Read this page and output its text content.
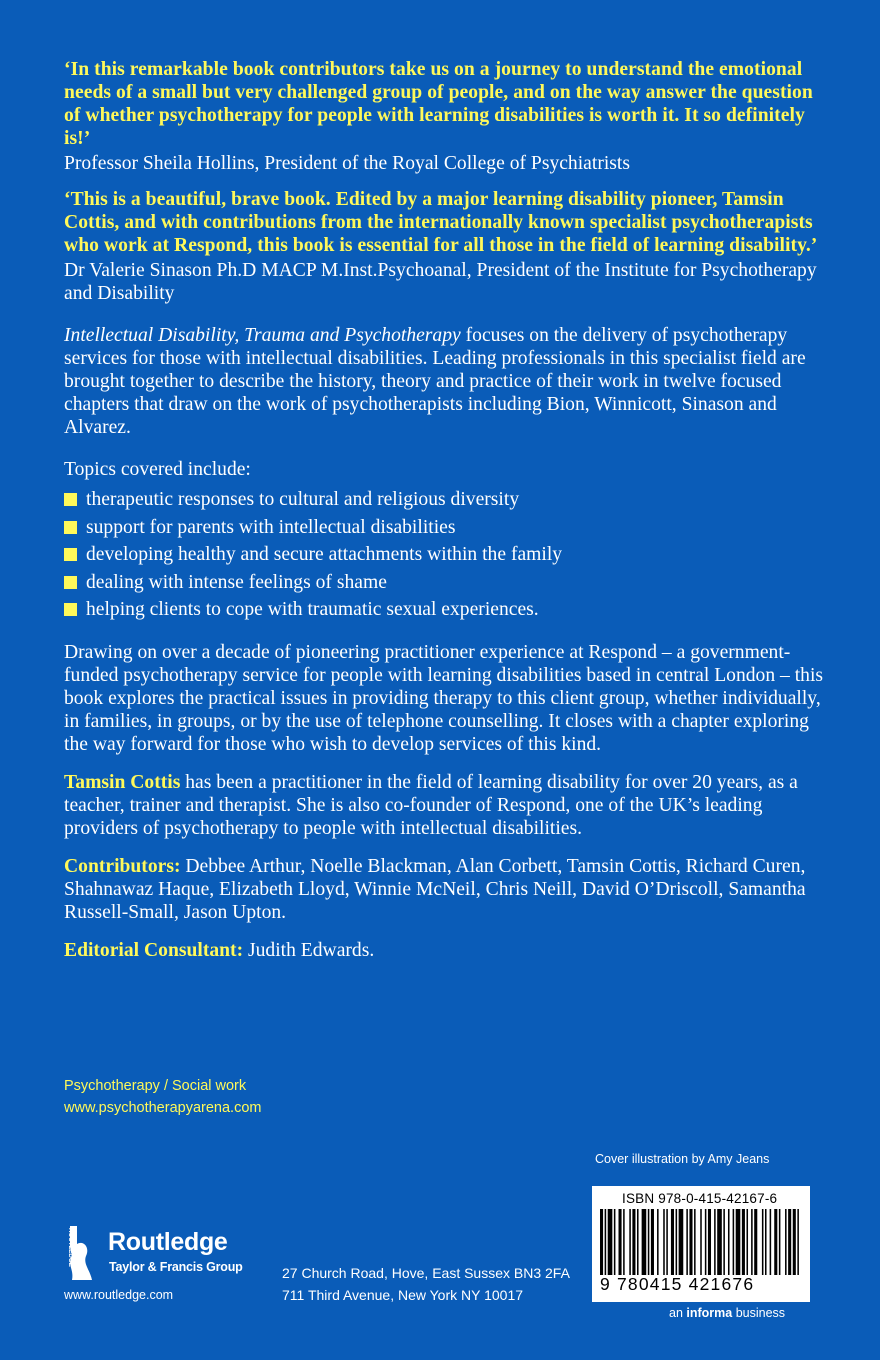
‘In this remarkable book contributors take us on a journey to understand the emotional needs of a small but very challenged group of people, and on the way answer the question of whether psychotherapy for people with learning disabilities is worth it. It so definitely is!’

Professor Sheila Hollins, President of the Royal College of Psychiatrists

‘This is a beautiful, brave book. Edited by a major learning disability pioneer, Tamsin Cottis, and with contributions from the internationally known specialist psychotherapists who work at Respond, this book is essential for all those in the field of learning disability.’

Dr Valerie Sinason Ph.D MACP M.Inst.Psychoanal, President of the Institute for Psychotherapy and Disability

Intellectual Disability, Trauma and Psychotherapy focuses on the delivery of psychotherapy services for those with intellectual disabilities. Leading professionals in this specialist field are brought together to describe the history, theory and practice of their work in twelve focused chapters that draw on the work of psychotherapists including Bion, Winnicott, Sinason and Alvarez.

Topics covered include:

therapeutic responses to cultural and religious diversity
support for parents with intellectual disabilities
developing healthy and secure attachments within the family
dealing with intense feelings of shame
helping clients to cope with traumatic sexual experiences.

Drawing on over a decade of pioneering practitioner experience at Respond – a government-funded psychotherapy service for people with learning disabilities based in central London – this book explores the practical issues in providing therapy to this client group, whether individually, in families, in groups, or by the use of telephone counselling. It closes with a chapter exploring the way forward for those who wish to develop services of this kind.

Tamsin Cottis has been a practitioner in the field of learning disability for over 20 years, as a teacher, trainer and therapist. She is also co-founder of Respond, one of the UK’s leading providers of psychotherapy to people with intellectual disabilities.

Contributors: Debbee Arthur, Noelle Blackman, Alan Corbett, Tamsin Cottis, Richard Curen, Shahnawaz Haque, Elizabeth Lloyd, Winnie McNeil, Chris Neill, David O’Driscoll, Samantha Russell-Small, Jason Upton.

Editorial Consultant: Judith Edwards.

Psychotherapy / Social work
www.psychotherapyarena.com
Cover illustration by Amy Jeans
ISBN 978-0-415-42167-6
9 780415 421676
an informa business
ROUTLEDGE Routledge
Taylor & Francis Group
www.routledge.com
27 Church Road, Hove, East Sussex BN3 2FA
711 Third Avenue, New York NY 10017
